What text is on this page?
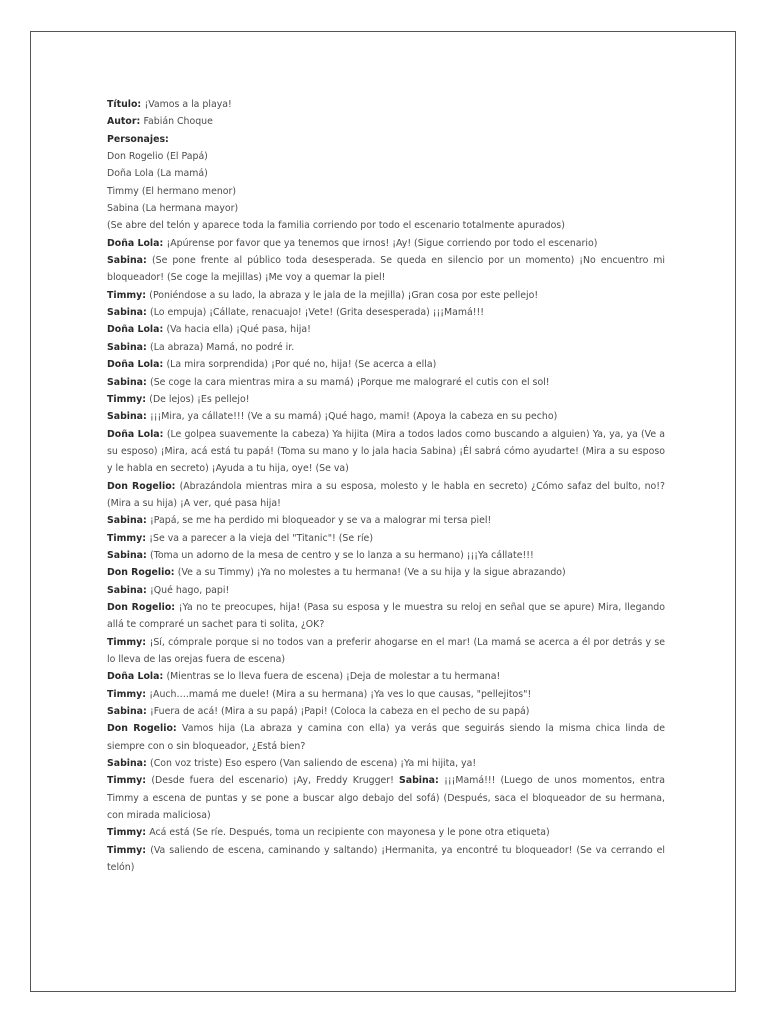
Título: ¡Vamos a la playa!

Autor: Fabián Choque

Personajes:

Don Rogelio (El Papá)

Doña Lola (La mamá)

Timmy (El hermano menor)

Sabina (La hermana mayor)

(Se abre del telón y aparece toda la familia corriendo por todo el escenario totalmente apurados)

Doña Lola: ¡Apúrense por favor que ya tenemos que irnos! ¡Ay! (Sigue corriendo por todo el escenario)

Sabina: (Se pone frente al público toda desesperada. Se queda en silencio por un momento) ¡No encuentro mi bloqueador! (Se coge la mejillas) ¡Me voy a quemar la piel!

Timmy: (Poniéndose a su lado, la abraza y le jala de la mejilla) ¡Gran cosa por este pellejo!

Sabina: (Lo empuja) ¡Cállate, renacuajo! ¡Vete! (Grita desesperada) ¡¡¡Mamá!!!

Doña Lola: (Va hacia ella) ¡Qué pasa, hija!

Sabina: (La abraza) Mamá, no podré ir.

Doña Lola: (La mira sorprendida) ¡Por qué no, hija! (Se acerca a ella)

Sabina: (Se coge la cara mientras mira a su mamá) ¡Porque me malograré el cutis con el sol!

Timmy: (De lejos) ¡Es pellejo!

Sabina: ¡¡¡Mira, ya cállate!!! (Ve a su mamá) ¡Qué hago, mami! (Apoya la cabeza en su pecho)

Doña Lola: (Le golpea suavemente la cabeza) Ya hijita (Mira a todos lados como buscando a alguien) Ya, ya, ya (Ve a su esposo) ¡Mira, acá está tu papá! (Toma su mano y lo jala hacia Sabina) ¡Él sabrá cómo ayudarte! (Mira a su esposo y le habla en secreto) ¡Ayuda a tu hija, oye! (Se va)

Don Rogelio: (Abrazándola mientras mira a su esposa, molesto y le habla en secreto) ¿Cómo safaz del bulto, no!? (Mira a su hija) ¡A ver, qué pasa hija!

Sabina: ¡Papá, se me ha perdido mi bloqueador y se va a malograr mi tersa piel!

Timmy: ¡Se va a parecer a la vieja del "Titanic"! (Se ríe)

Sabina: (Toma un adorno de la mesa de centro y se lo lanza a su hermano) ¡¡¡Ya cállate!!!

Don Rogelio: (Ve a su Timmy) ¡Ya no molestes a tu hermana! (Ve a su hija y la sigue abrazando)

Sabina: ¡Qué hago, papi!

Don Rogelio: ¡Ya no te preocupes, hija! (Pasa su esposa y le muestra su reloj en señal que se apure) Mira, llegando allá te compraré un sachet para ti solita, ¿OK?

Timmy: ¡Sí, cómprale porque si no todos van a preferir ahogarse en el mar! (La mamá se acerca a él por detrás y se lo lleva de las orejas fuera de escena)

Doña Lola: (Mientras se lo lleva fuera de escena) ¡Deja de molestar a tu hermana!

Timmy: ¡Auch….mamá me duele! (Mira a su hermana) ¡Ya ves lo que causas, "pellejitos"!

Sabina: ¡Fuera de acá! (Mira a su papá) ¡Papi! (Coloca la cabeza en el pecho de su papá)

Don Rogelio: Vamos hija (La abraza y camina con ella) ya verás que seguirás siendo la misma chica linda de siempre con o sin bloqueador, ¿Está bien?

Sabina: (Con voz triste) Eso espero (Van saliendo de escena) ¡Ya mi hijita, ya!

Timmy: (Desde fuera del escenario) ¡Ay, Freddy Krugger! Sabina: ¡¡¡Mamá!!! (Luego de unos momentos, entra Timmy a escena de puntas y se pone a buscar algo debajo del sofá) (Después, saca el bloqueador de su hermana, con mirada maliciosa)

Timmy: Acá está (Se ríe. Después, toma un recipiente con mayonesa y le pone otra etiqueta)

Timmy: (Va saliendo de escena, caminando y saltando) ¡Hermanita, ya encontré tu bloqueador! (Se va cerrando el telón)
